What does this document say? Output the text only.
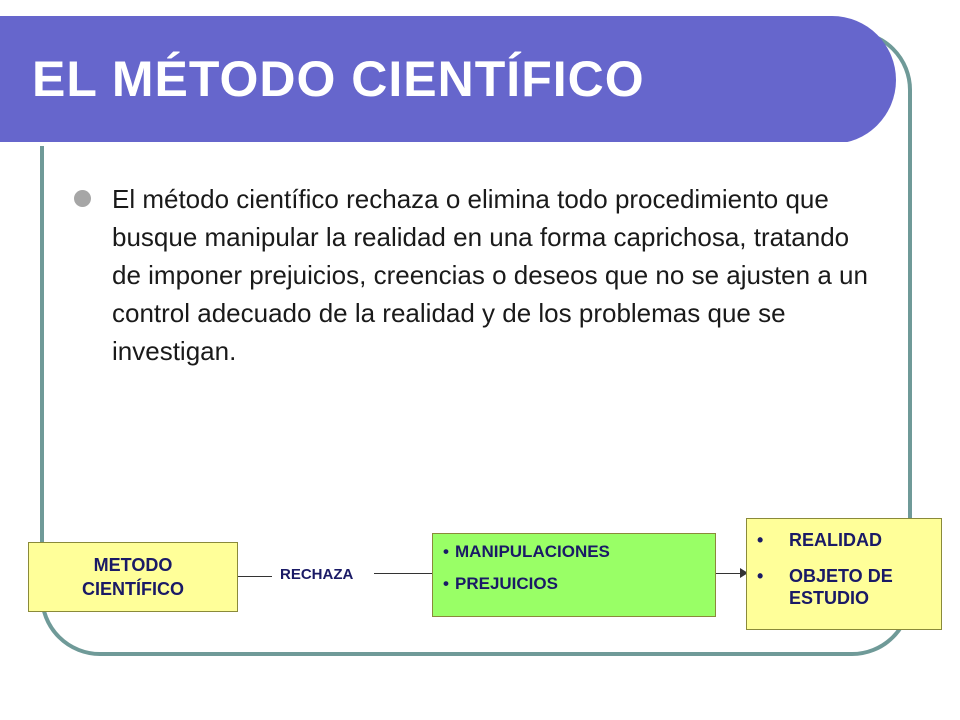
EL MÉTODO CIENTÍFICO

El método científico rechaza o elimina todo procedimiento que busque manipular la realidad en una forma caprichosa, tratando de imponer prejuicios, creencias o deseos que no se ajusten a un control adecuado de la realidad y de los problemas que se investigan.

METODO
CIENTÍFICO
RECHAZA
• MANIPULACIONES
• PREJUICIOS
•	REALIDAD
•	OBJETO DE ESTUDIO
